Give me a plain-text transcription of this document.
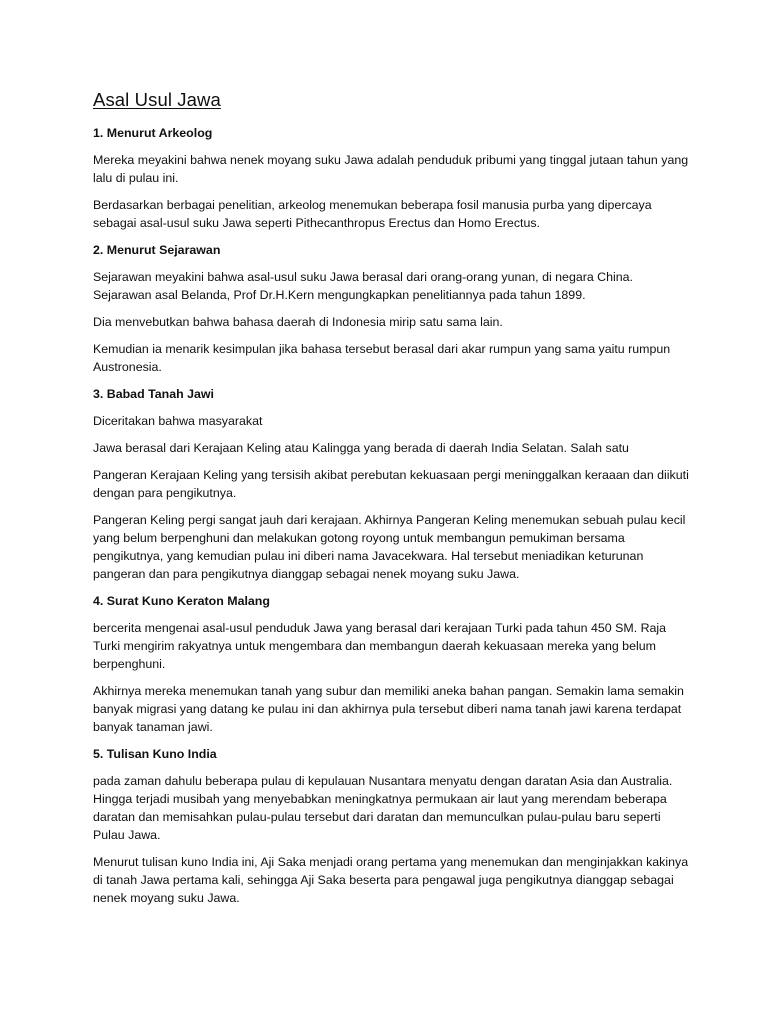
Asal Usul Jawa
1. Menurut Arkeolog

Mereka meyakini bahwa nenek moyang suku Jawa adalah penduduk pribumi yang tinggal jutaan tahun yang lalu di pulau ini.

Berdasarkan berbagai penelitian, arkeolog menemukan beberapa fosil manusia purba yang dipercaya sebagai asal-usul suku Jawa seperti Pithecanthropus Erectus dan Homo Erectus.

2. Menurut Sejarawan

Sejarawan meyakini bahwa asal-usul suku Jawa berasal dari orang-orang yunan, di negara China. Sejarawan asal Belanda, Prof Dr.H.Kern mengungkapkan penelitiannya pada tahun 1899.

Dia menvebutkan bahwa bahasa daerah di Indonesia mirip satu sama lain.

Kemudian ia menarik kesimpulan jika bahasa tersebut berasal dari akar rumpun yang sama yaitu rumpun Austronesia.

3. Babad Tanah Jawi

Diceritakan bahwa masyarakat

Jawa berasal dari Kerajaan Keling atau Kalingga yang berada di daerah India Selatan. Salah satu

Pangeran Kerajaan Keling yang tersisih akibat perebutan kekuasaan pergi meninggalkan keraaan dan diikuti dengan para pengikutnya.

Pangeran Keling pergi sangat jauh dari kerajaan. Akhirnya Pangeran Keling menemukan sebuah pulau kecil yang belum berpenghuni dan melakukan gotong royong untuk membangun pemukiman bersama pengikutnya, yang kemudian pulau ini diberi nama Javacekwara. Hal tersebut meniadikan keturunan pangeran dan para pengikutnya dianggap sebagai nenek moyang suku Jawa.

4. Surat Kuno Keraton Malang

bercerita mengenai asal-usul penduduk Jawa yang berasal dari kerajaan Turki pada tahun 450 SM. Raja Turki mengirim rakyatnya untuk mengembara dan membangun daerah kekuasaan mereka yang belum berpenghuni.

Akhirnya mereka menemukan tanah yang subur dan memiliki aneka bahan pangan. Semakin lama semakin banyak migrasi yang datang ke pulau ini dan akhirnya pula tersebut diberi nama tanah jawi karena terdapat banyak tanaman jawi.

5. Tulisan Kuno India

pada zaman dahulu beberapa pulau di kepulauan Nusantara menyatu dengan daratan Asia dan Australia. Hingga terjadi musibah yang menyebabkan meningkatnya permukaan air laut yang merendam beberapa daratan dan memisahkan pulau-pulau tersebut dari daratan dan memunculkan pulau-pulau baru seperti Pulau Jawa.

Menurut tulisan kuno India ini, Aji Saka menjadi orang pertama yang menemukan dan menginjakkan kakinya di tanah Jawa pertama kali, sehingga Aji Saka beserta para pengawal juga pengikutnya dianggap sebagai nenek moyang suku Jawa.
